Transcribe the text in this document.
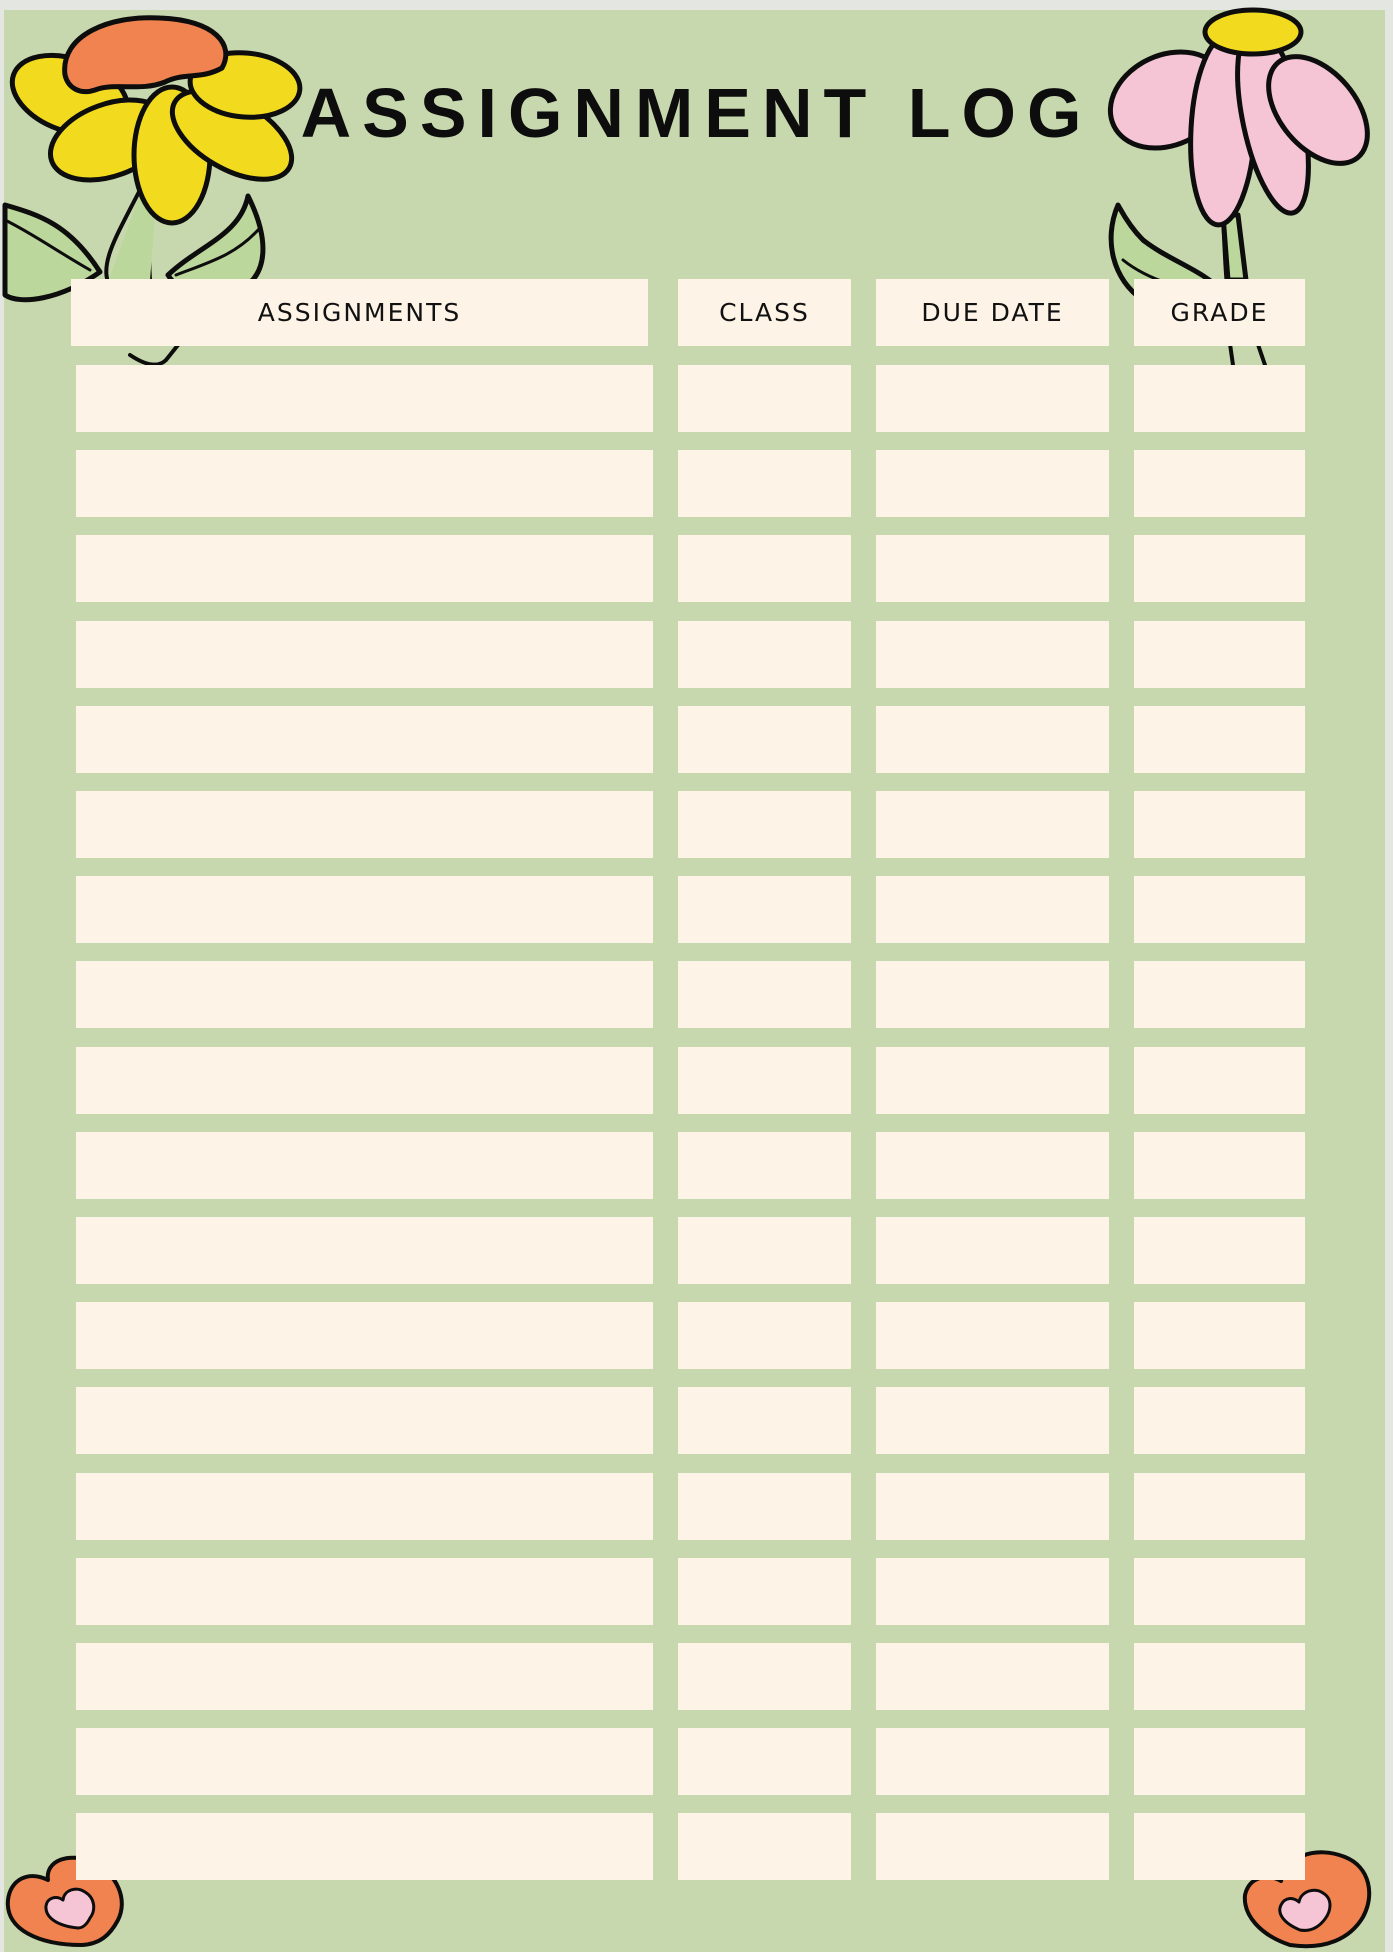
ASSIGNMENT LOG
ASSIGNMENTS	CLASS	DUE DATE	GRADE
